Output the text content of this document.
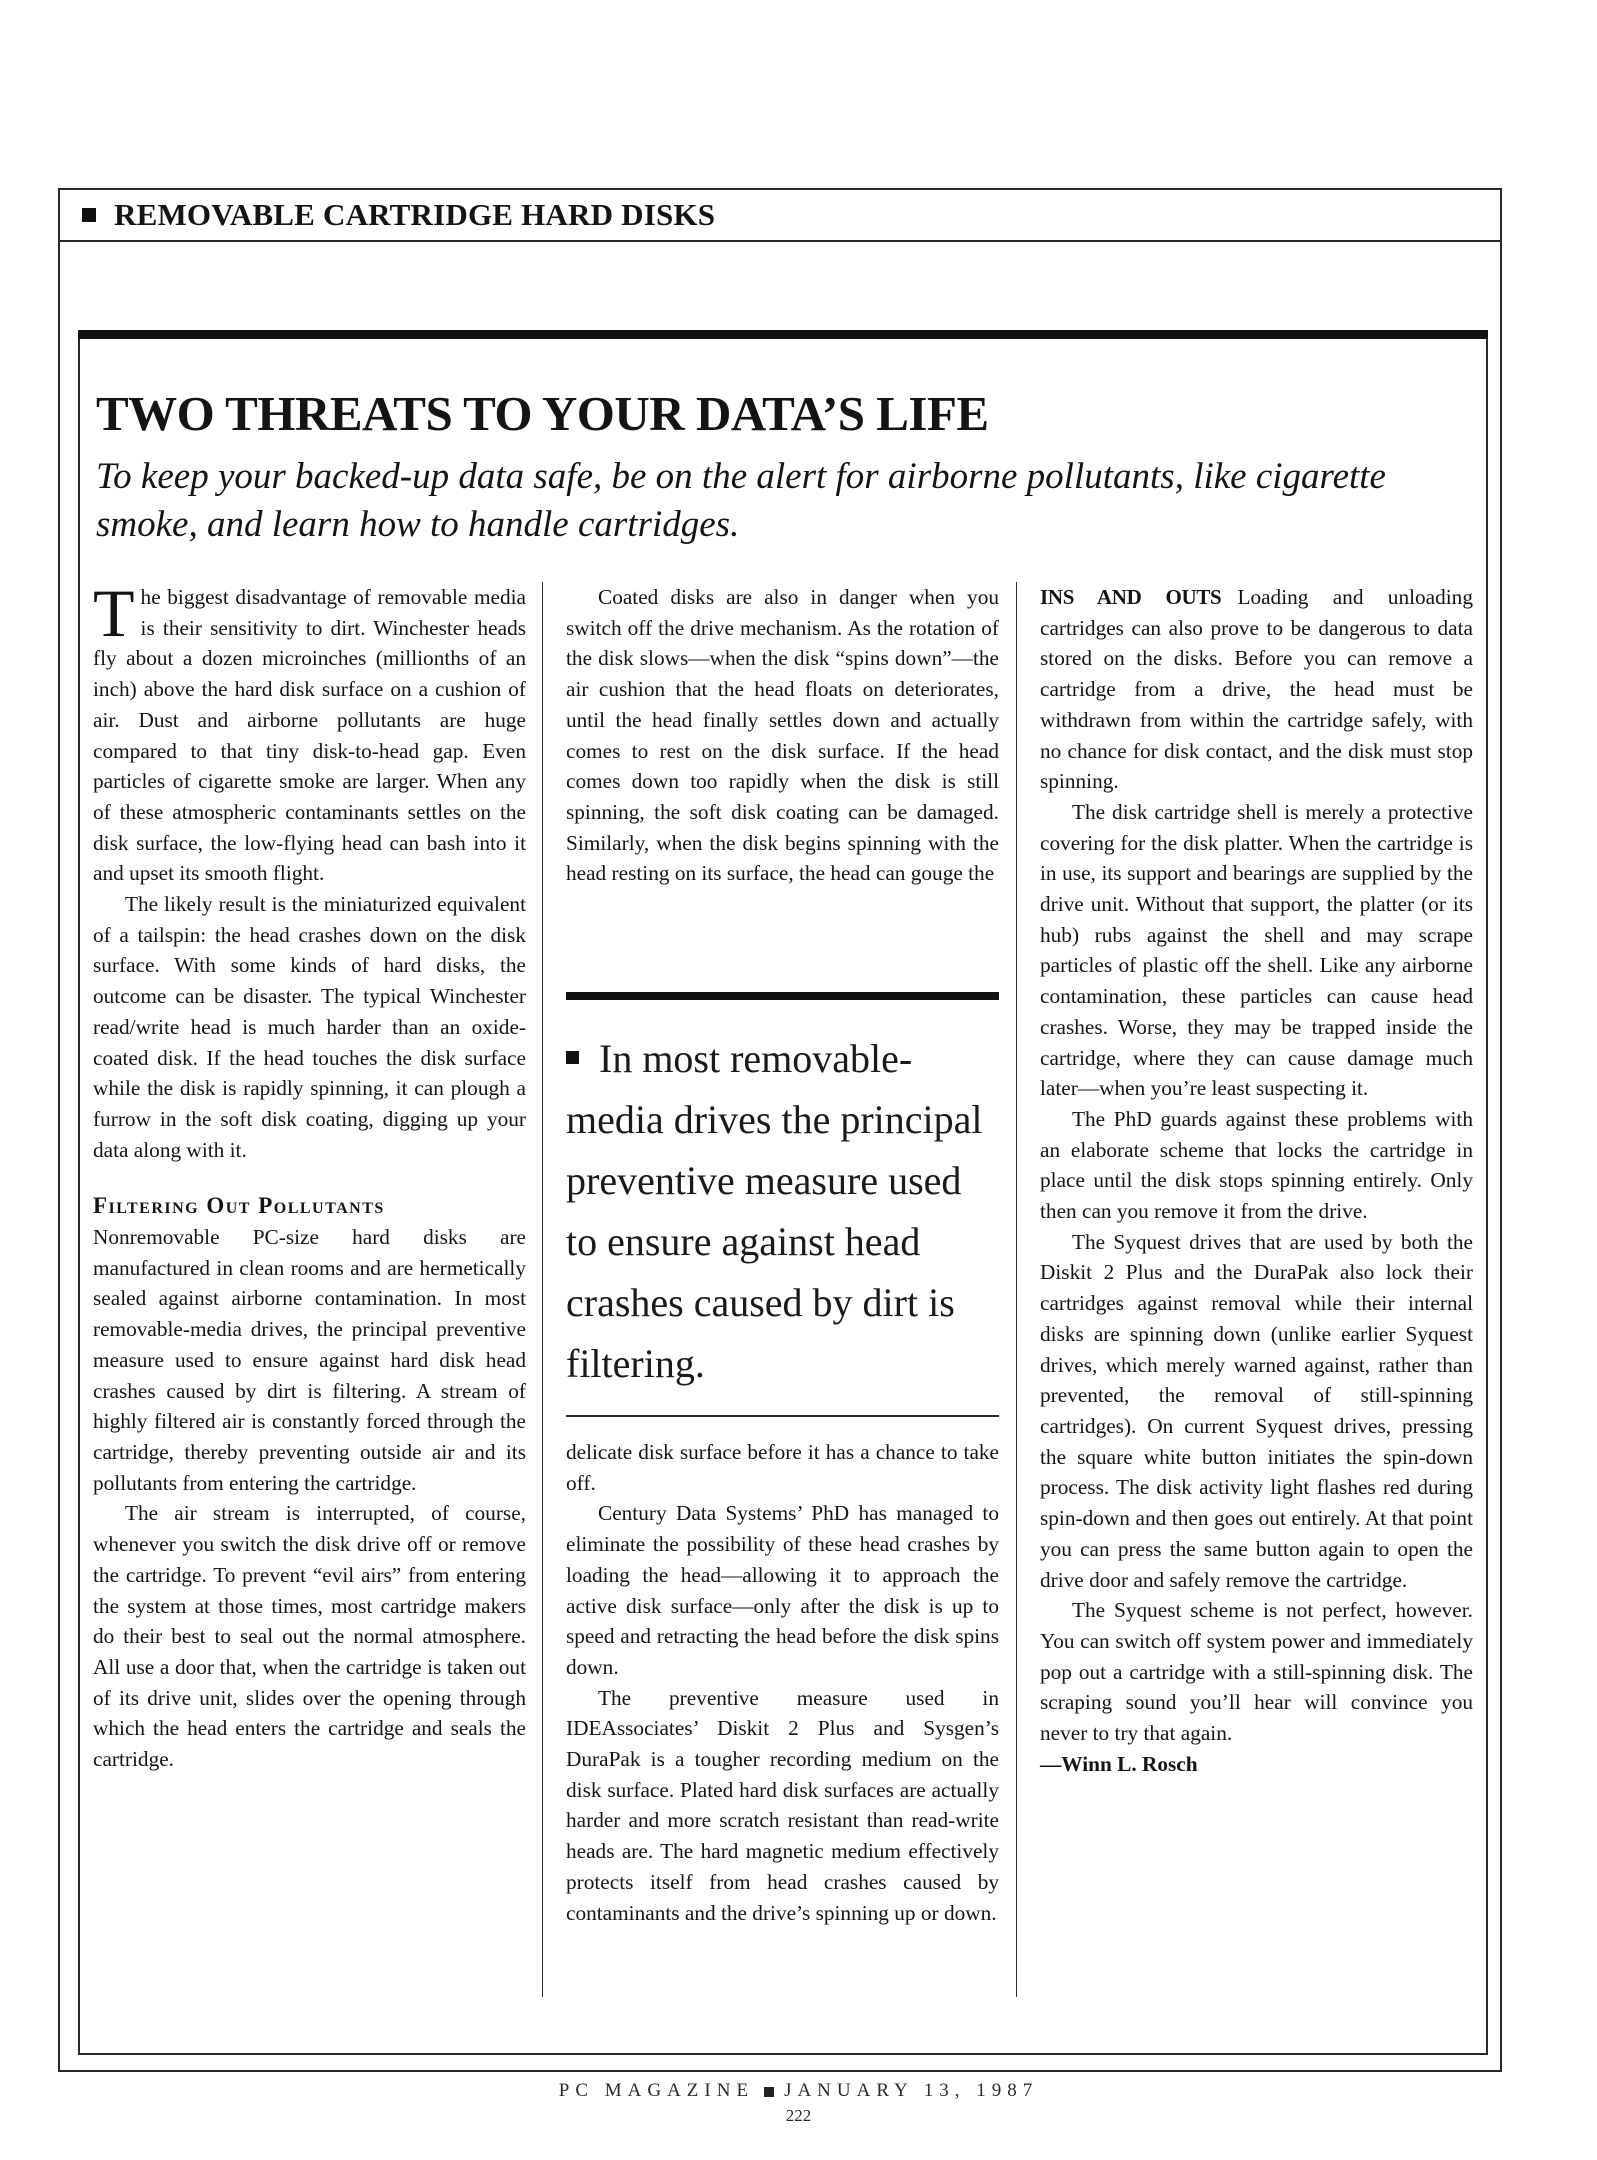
REMOVABLE CARTRIDGE HARD DISKS
TWO THREATS TO YOUR DATA’S LIFE

To keep your backed-up data safe, be on the alert for airborne pollutants, like cigarette smoke, and learn how to handle cartridges.

The biggest disadvantage of removable media is their sensitivity to dirt. Winchester heads fly about a dozen microinches (millionths of an inch) above the hard disk surface on a cushion of air. Dust and airborne pollutants are huge compared to that tiny disk-to-head gap. Even particles of cigarette smoke are larger. When any of these atmospheric contaminants settles on the disk surface, the low-flying head can bash into it and upset its smooth flight.

The likely result is the miniaturized equivalent of a tailspin: the head crashes down on the disk surface. With some kinds of hard disks, the outcome can be disaster. The typical Winchester read/write head is much harder than an oxide-coated disk. If the head touches the disk surface while the disk is rapidly spinning, it can plough a furrow in the soft disk coating, digging up your data along with it.

Filtering Out Pollutants

Nonremovable PC-size hard disks are manufactured in clean rooms and are hermetically sealed against airborne contamination. In most removable-media drives, the principal preventive measure used to ensure against hard disk head crashes caused by dirt is filtering. A stream of highly filtered air is constantly forced through the cartridge, thereby preventing outside air and its pollutants from entering the cartridge.

The air stream is interrupted, of course, whenever you switch the disk drive off or remove the cartridge. To prevent “evil airs” from entering the system at those times, most cartridge makers do their best to seal out the normal atmosphere. All use a door that, when the cartridge is taken out of its drive unit, slides over the opening through which the head enters the cartridge and seals the cartridge.

Coated disks are also in danger when you switch off the drive mechanism. As the rotation of the disk slows—when the disk “spins down”—the air cushion that the head floats on deteriorates, until the head finally settles down and actually comes to rest on the disk surface. If the head comes down too rapidly when the disk is still spinning, the soft disk coating can be damaged. Similarly, when the disk begins spinning with the head resting on its surface, the head can gouge the

In most removable-media drives the principal preventive measure used to ensure against head crashes caused by dirt is filtering.

delicate disk surface before it has a chance to take off.

Century Data Systems’ PhD has managed to eliminate the possibility of these head crashes by loading the head—allowing it to approach the active disk surface—only after the disk is up to speed and retracting the head before the disk spins down.

The preventive measure used in IDEAssociates’ Diskit 2 Plus and Sysgen’s DuraPak is a tougher recording medium on the disk surface. Plated hard disk surfaces are actually harder and more scratch resistant than read-write heads are. The hard magnetic medium effectively protects itself from head crashes caused by contaminants and the drive’s spinning up or down.

INS AND OUTS Loading and unloading cartridges can also prove to be dangerous to data stored on the disks. Before you can remove a cartridge from a drive, the head must be withdrawn from within the cartridge safely, with no chance for disk contact, and the disk must stop spinning.

The disk cartridge shell is merely a protective covering for the disk platter. When the cartridge is in use, its support and bearings are supplied by the drive unit. Without that support, the platter (or its hub) rubs against the shell and may scrape particles of plastic off the shell. Like any airborne contamination, these particles can cause head crashes. Worse, they may be trapped inside the cartridge, where they can cause damage much later—when you’re least suspecting it.

The PhD guards against these problems with an elaborate scheme that locks the cartridge in place until the disk stops spinning entirely. Only then can you remove it from the drive.

The Syquest drives that are used by both the Diskit 2 Plus and the DuraPak also lock their cartridges against removal while their internal disks are spinning down (unlike earlier Syquest drives, which merely warned against, rather than prevented, the removal of still-spinning cartridges). On current Syquest drives, pressing the square white button initiates the spin-down process. The disk activity light flashes red during spin-down and then goes out entirely. At that point you can press the same button again to open the drive door and safely remove the cartridge.

The Syquest scheme is not perfect, however. You can switch off system power and immediately pop out a cartridge with a still-spinning disk. The scraping sound you’ll hear will convince you never to try that again.

—Winn L. Rosch
PC MAGAZINE JANUARY 13, 1987
222
